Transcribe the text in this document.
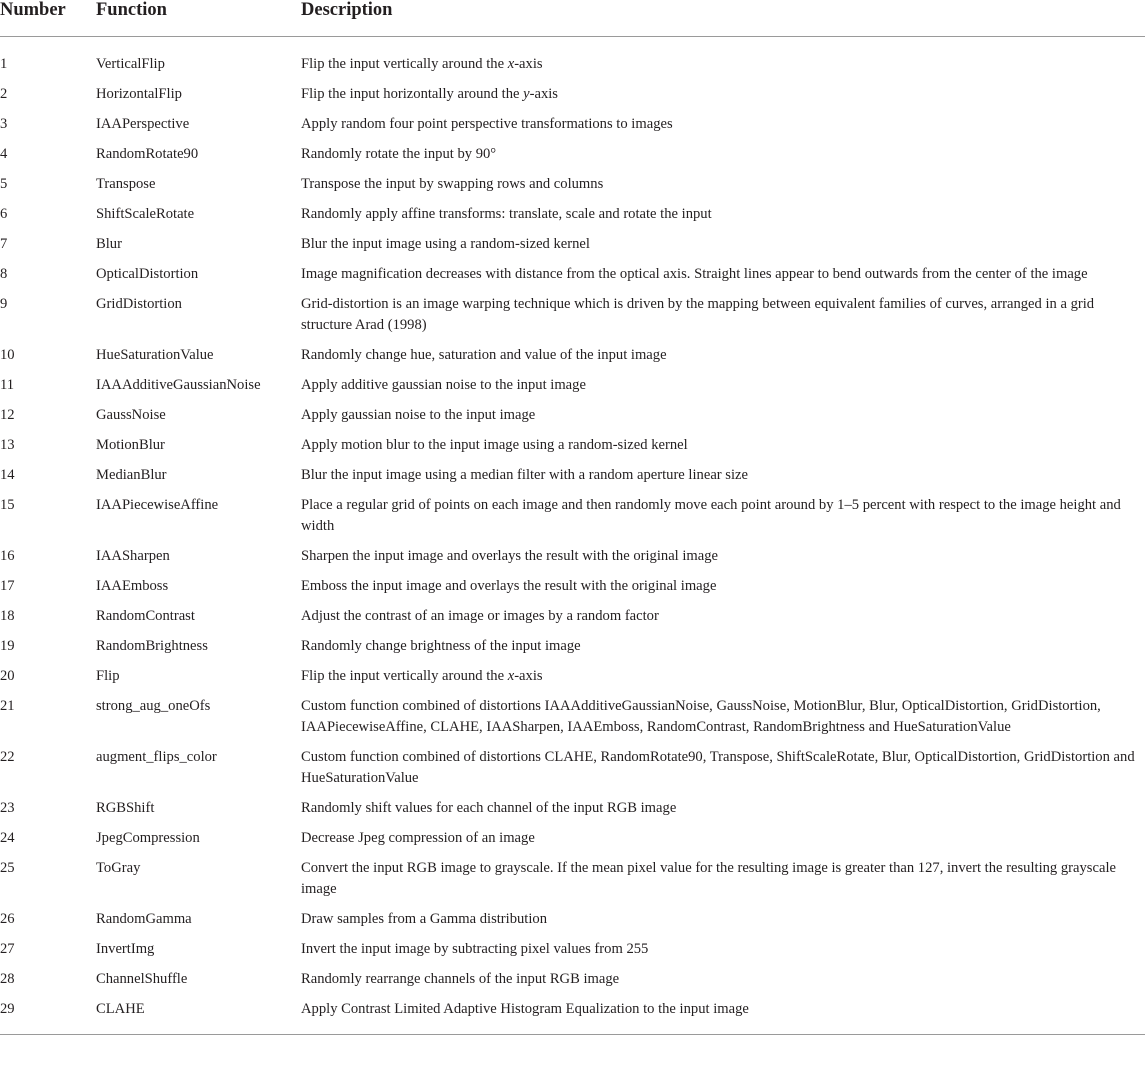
Number	Function	Description
1	VerticalFlip	Flip the input vertically around the x-axis
2	HorizontalFlip	Flip the input horizontally around the y-axis
3	IAAPerspective	Apply random four point perspective transformations to images
4	RandomRotate90	Randomly rotate the input by 90°
5	Transpose	Transpose the input by swapping rows and columns
6	ShiftScaleRotate	Randomly apply affine transforms: translate, scale and rotate the input
7	Blur	Blur the input image using a random-sized kernel
8	OpticalDistortion	Image magnification decreases with distance from the optical axis. Straight lines appear to bend outwards from the center of the image
9	GridDistortion	Grid-distortion is an image warping technique which is driven by the mapping between equivalent families of curves, arranged in a grid structure Arad (1998)
10	HueSaturationValue	Randomly change hue, saturation and value of the input image
11	IAAAdditiveGaussianNoise	Apply additive gaussian noise to the input image
12	GaussNoise	Apply gaussian noise to the input image
13	MotionBlur	Apply motion blur to the input image using a random-sized kernel
14	MedianBlur	Blur the input image using a median filter with a random aperture linear size
15	IAAPiecewiseAffine	Place a regular grid of points on each image and then randomly move each point around by 1–5 percent with respect to the image height and width
16	IAASharpen	Sharpen the input image and overlays the result with the original image
17	IAAEmboss	Emboss the input image and overlays the result with the original image
18	RandomContrast	Adjust the contrast of an image or images by a random factor
19	RandomBrightness	Randomly change brightness of the input image
20	Flip	Flip the input vertically around the x-axis
21	strong_aug_oneOfs	Custom function combined of distortions IAAAdditiveGaussianNoise, GaussNoise, MotionBlur, Blur, OpticalDistortion, GridDistortion, IAAPiecewiseAffine, CLAHE, IAASharpen, IAAEmboss, RandomContrast, RandomBrightness and HueSaturationValue
22	augment_flips_color	Custom function combined of distortions CLAHE, RandomRotate90, Transpose, ShiftScaleRotate, Blur, OpticalDistortion, GridDistortion and HueSaturationValue
23	RGBShift	Randomly shift values for each channel of the input RGB image
24	JpegCompression	Decrease Jpeg compression of an image
25	ToGray	Convert the input RGB image to grayscale. If the mean pixel value for the resulting image is greater than 127, invert the resulting grayscale image
26	RandomGamma	Draw samples from a Gamma distribution
27	InvertImg	Invert the input image by subtracting pixel values from 255
28	ChannelShuffle	Randomly rearrange channels of the input RGB image
29	CLAHE	Apply Contrast Limited Adaptive Histogram Equalization to the input image
